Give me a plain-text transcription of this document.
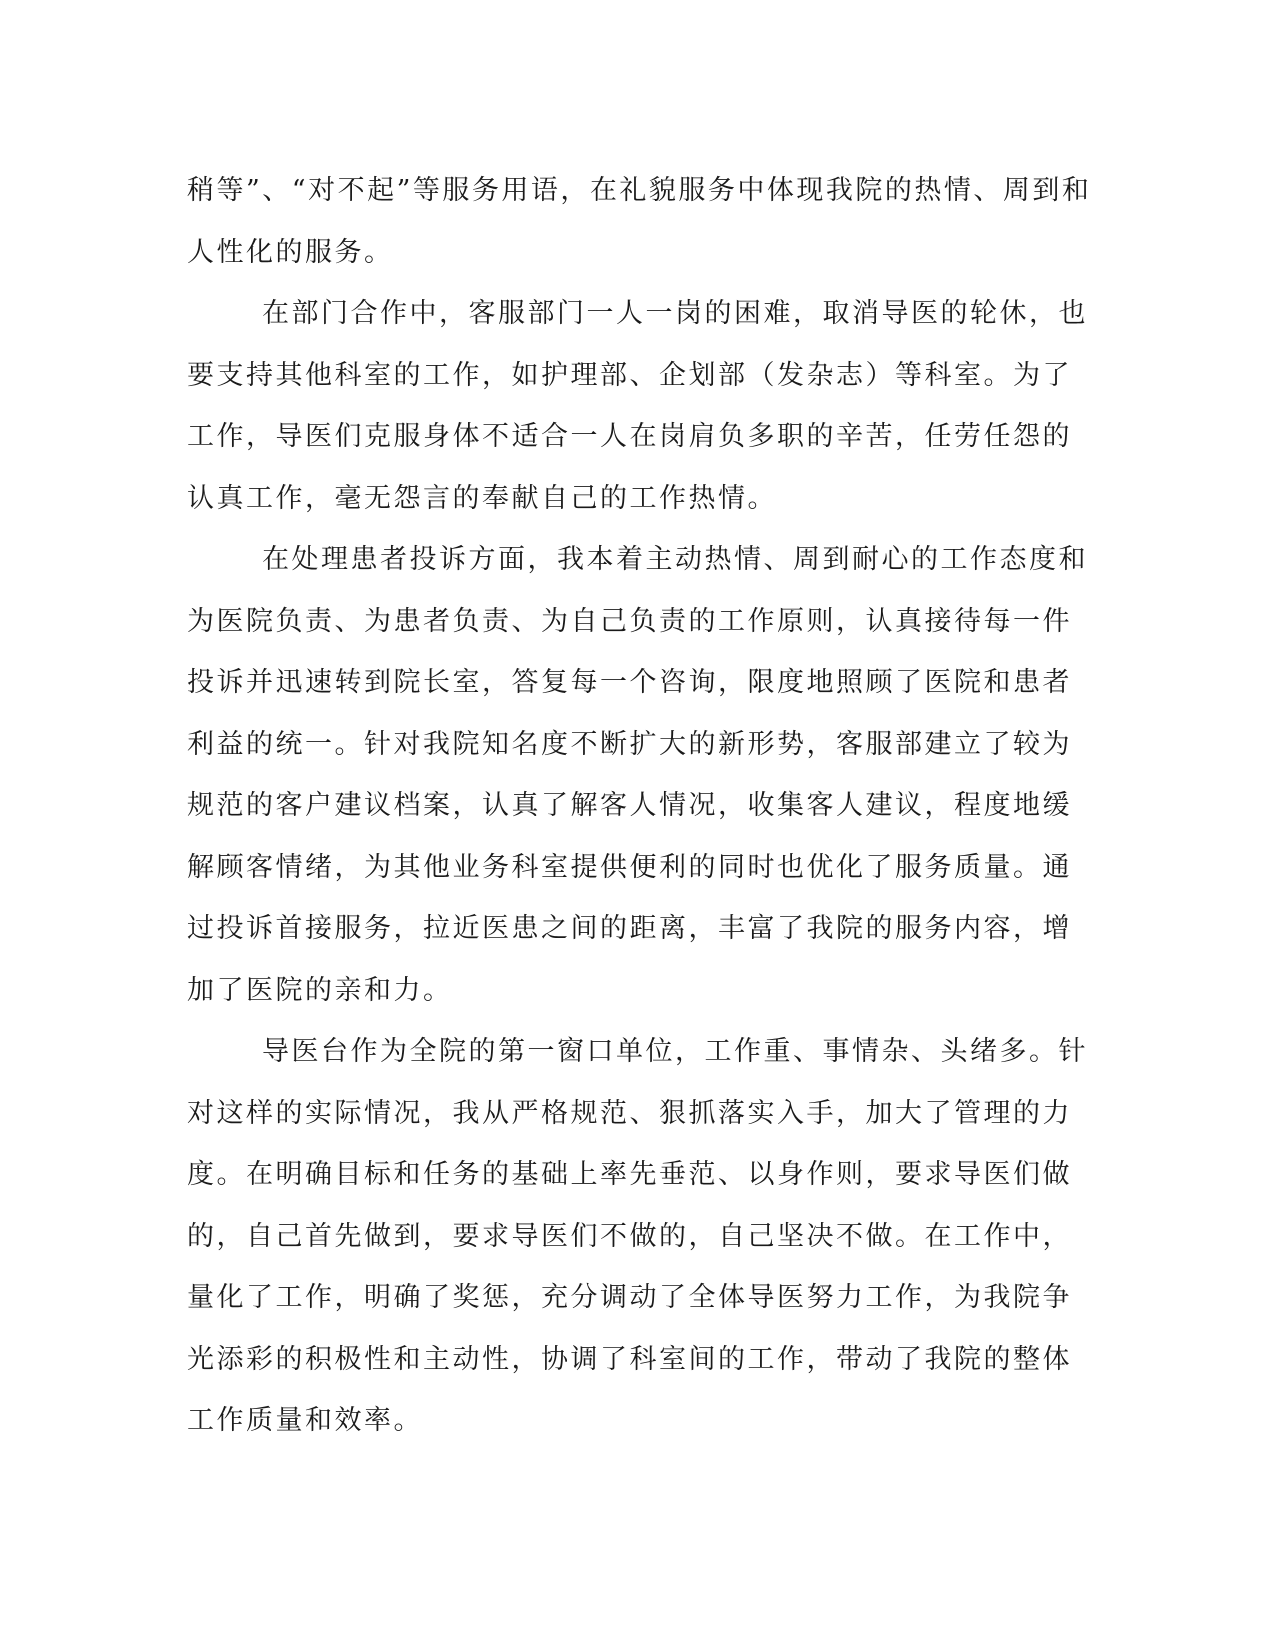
稍等”、“对不起”等服务用语，在礼貌服务中体现我院的热情、周到和
人性化的服务。
在部门合作中，客服部门一人一岗的困难，取消导医的轮休，也
要支持其他科室的工作，如护理部、企划部（发杂志）等科室。为了
工作，导医们克服身体不适合一人在岗肩负多职的辛苦，任劳任怨的
认真工作，毫无怨言的奉献自己的工作热情。
在处理患者投诉方面，我本着主动热情、周到耐心的工作态度和
为医院负责、为患者负责、为自己负责的工作原则，认真接待每一件
投诉并迅速转到院长室，答复每一个咨询，限度地照顾了医院和患者
利益的统一。针对我院知名度不断扩大的新形势，客服部建立了较为
规范的客户建议档案，认真了解客人情况，收集客人建议，程度地缓
解顾客情绪，为其他业务科室提供便利的同时也优化了服务质量。通
过投诉首接服务，拉近医患之间的距离，丰富了我院的服务内容，增
加了医院的亲和力。
导医台作为全院的第一窗口单位，工作重、事情杂、头绪多。针
对这样的实际情况，我从严格规范、狠抓落实入手，加大了管理的力
度。在明确目标和任务的基础上率先垂范、以身作则，要求导医们做
的，自己首先做到，要求导医们不做的，自己坚决不做。在工作中，
量化了工作，明确了奖惩，充分调动了全体导医努力工作，为我院争
光添彩的积极性和主动性，协调了科室间的工作，带动了我院的整体
工作质量和效率。
